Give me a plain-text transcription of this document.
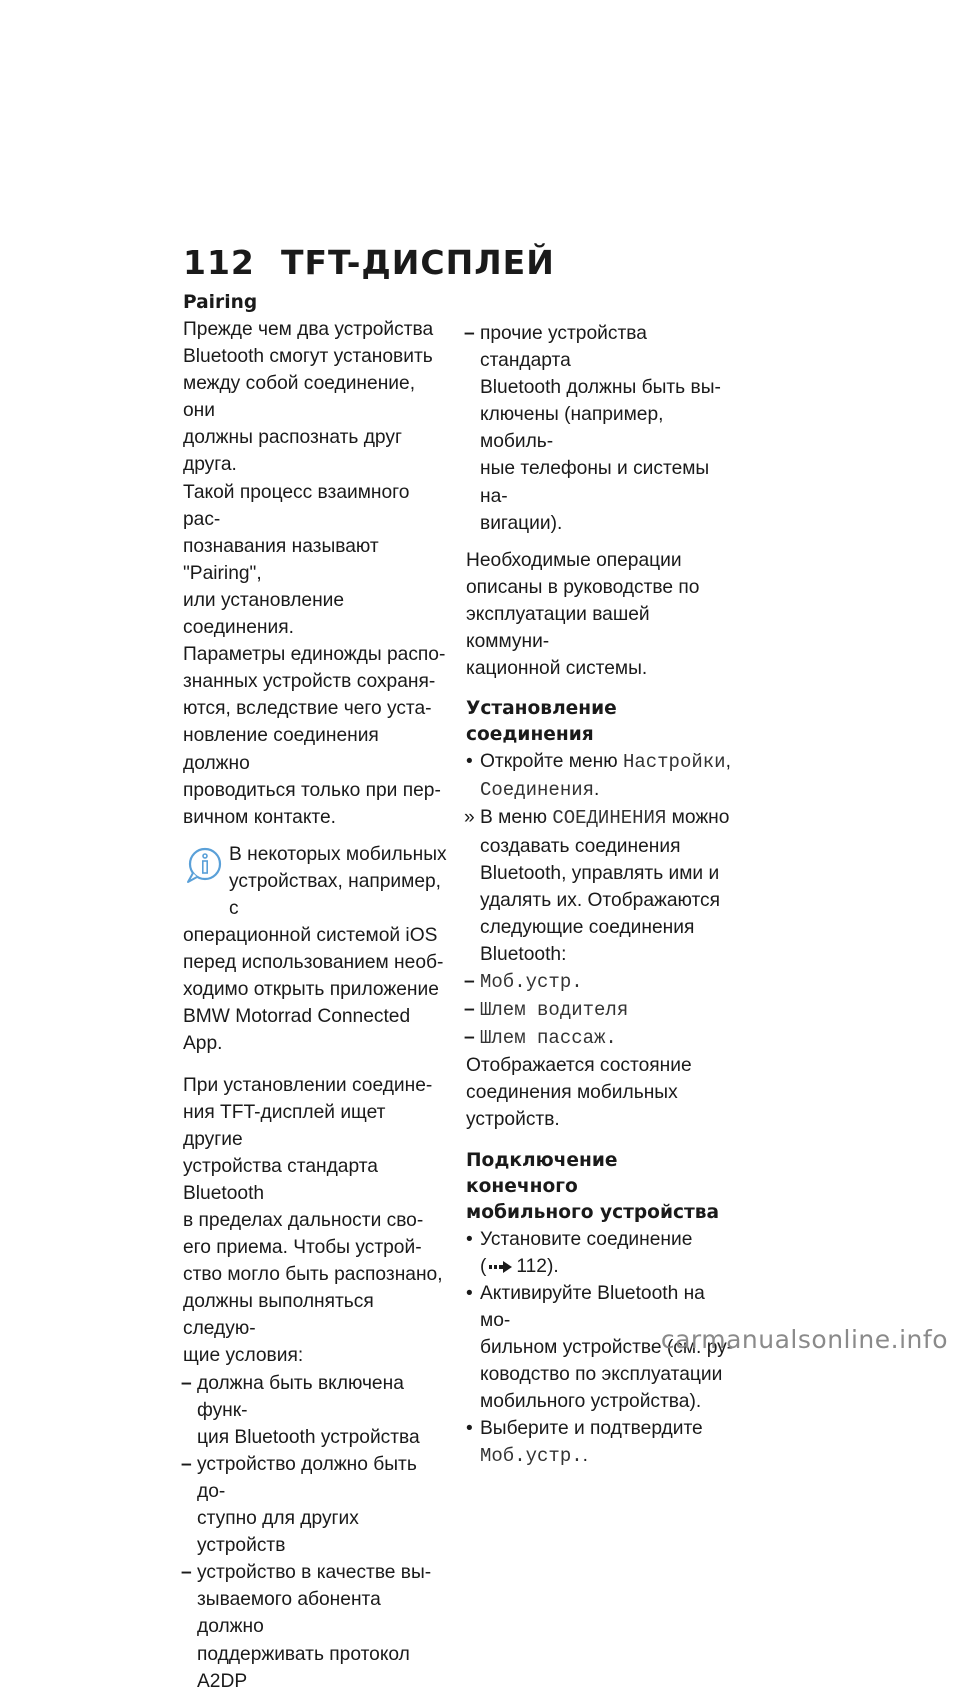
112 TFT-ДИСПЛЕЙ
Pairing

Прежде чем два устройства
Bluetooth смогут установить
между собой соединение, они
должны распознать друг друга.
Такой процесс взаимного рас-
познавания называют "Pairing",
или установление соединения.
Параметры единожды распо-
знанных устройств сохраня-
ются, вследствие чего уста-
новление соединения должно
проводиться только при пер-
вичном контакте.

В некоторых мобильных
устройствах, например, с
операционной системой iOS
перед использованием необ-
ходимо открыть приложение
BMW Motorrad Connected App.

При установлении соедине-
ния TFT-дисплей ищет другие
устройства стандарта Bluetooth
в пределах дальности сво-
его приема. Чтобы устрой-
ство могло быть распознано,
должны выполняться следую-
щие условия:

– должна быть включена функ-
ция Bluetooth устройства
– устройство должно быть до-
ступно для других устройств
– устройство в качестве вы-
зываемого абонента должно
поддерживать протокол A2DP
– прочие устройства стандарта
Bluetooth должны быть вы-
ключены (например, мобиль-
ные телефоны и системы на-
вигации).

Необходимые операции
описаны в руководстве по
эксплуатации вашей коммуни-
кационной системы.

Установление соединения
• Откройте меню Настройки,
Соединения.
» В меню СОЕДИНЕНИЯ можно
создавать соединения
Bluetooth, управлять ими и
удалять их. Отображаются
следующие соединения
Bluetooth:
– Моб.устр.
– Шлем водителя
– Шлем пассаж.

Отображается состояние
соединения мобильных
устройств.

Подключение конечного
мобильного устройства
• Установите соединение
( 112).
• Активируйте Bluetooth на мо-
бильном устройстве (см. ру-
ководство по эксплуатации
мобильного устройства).
• Выберите и подтвердите
Моб.устр..
carmanualsonline.info
